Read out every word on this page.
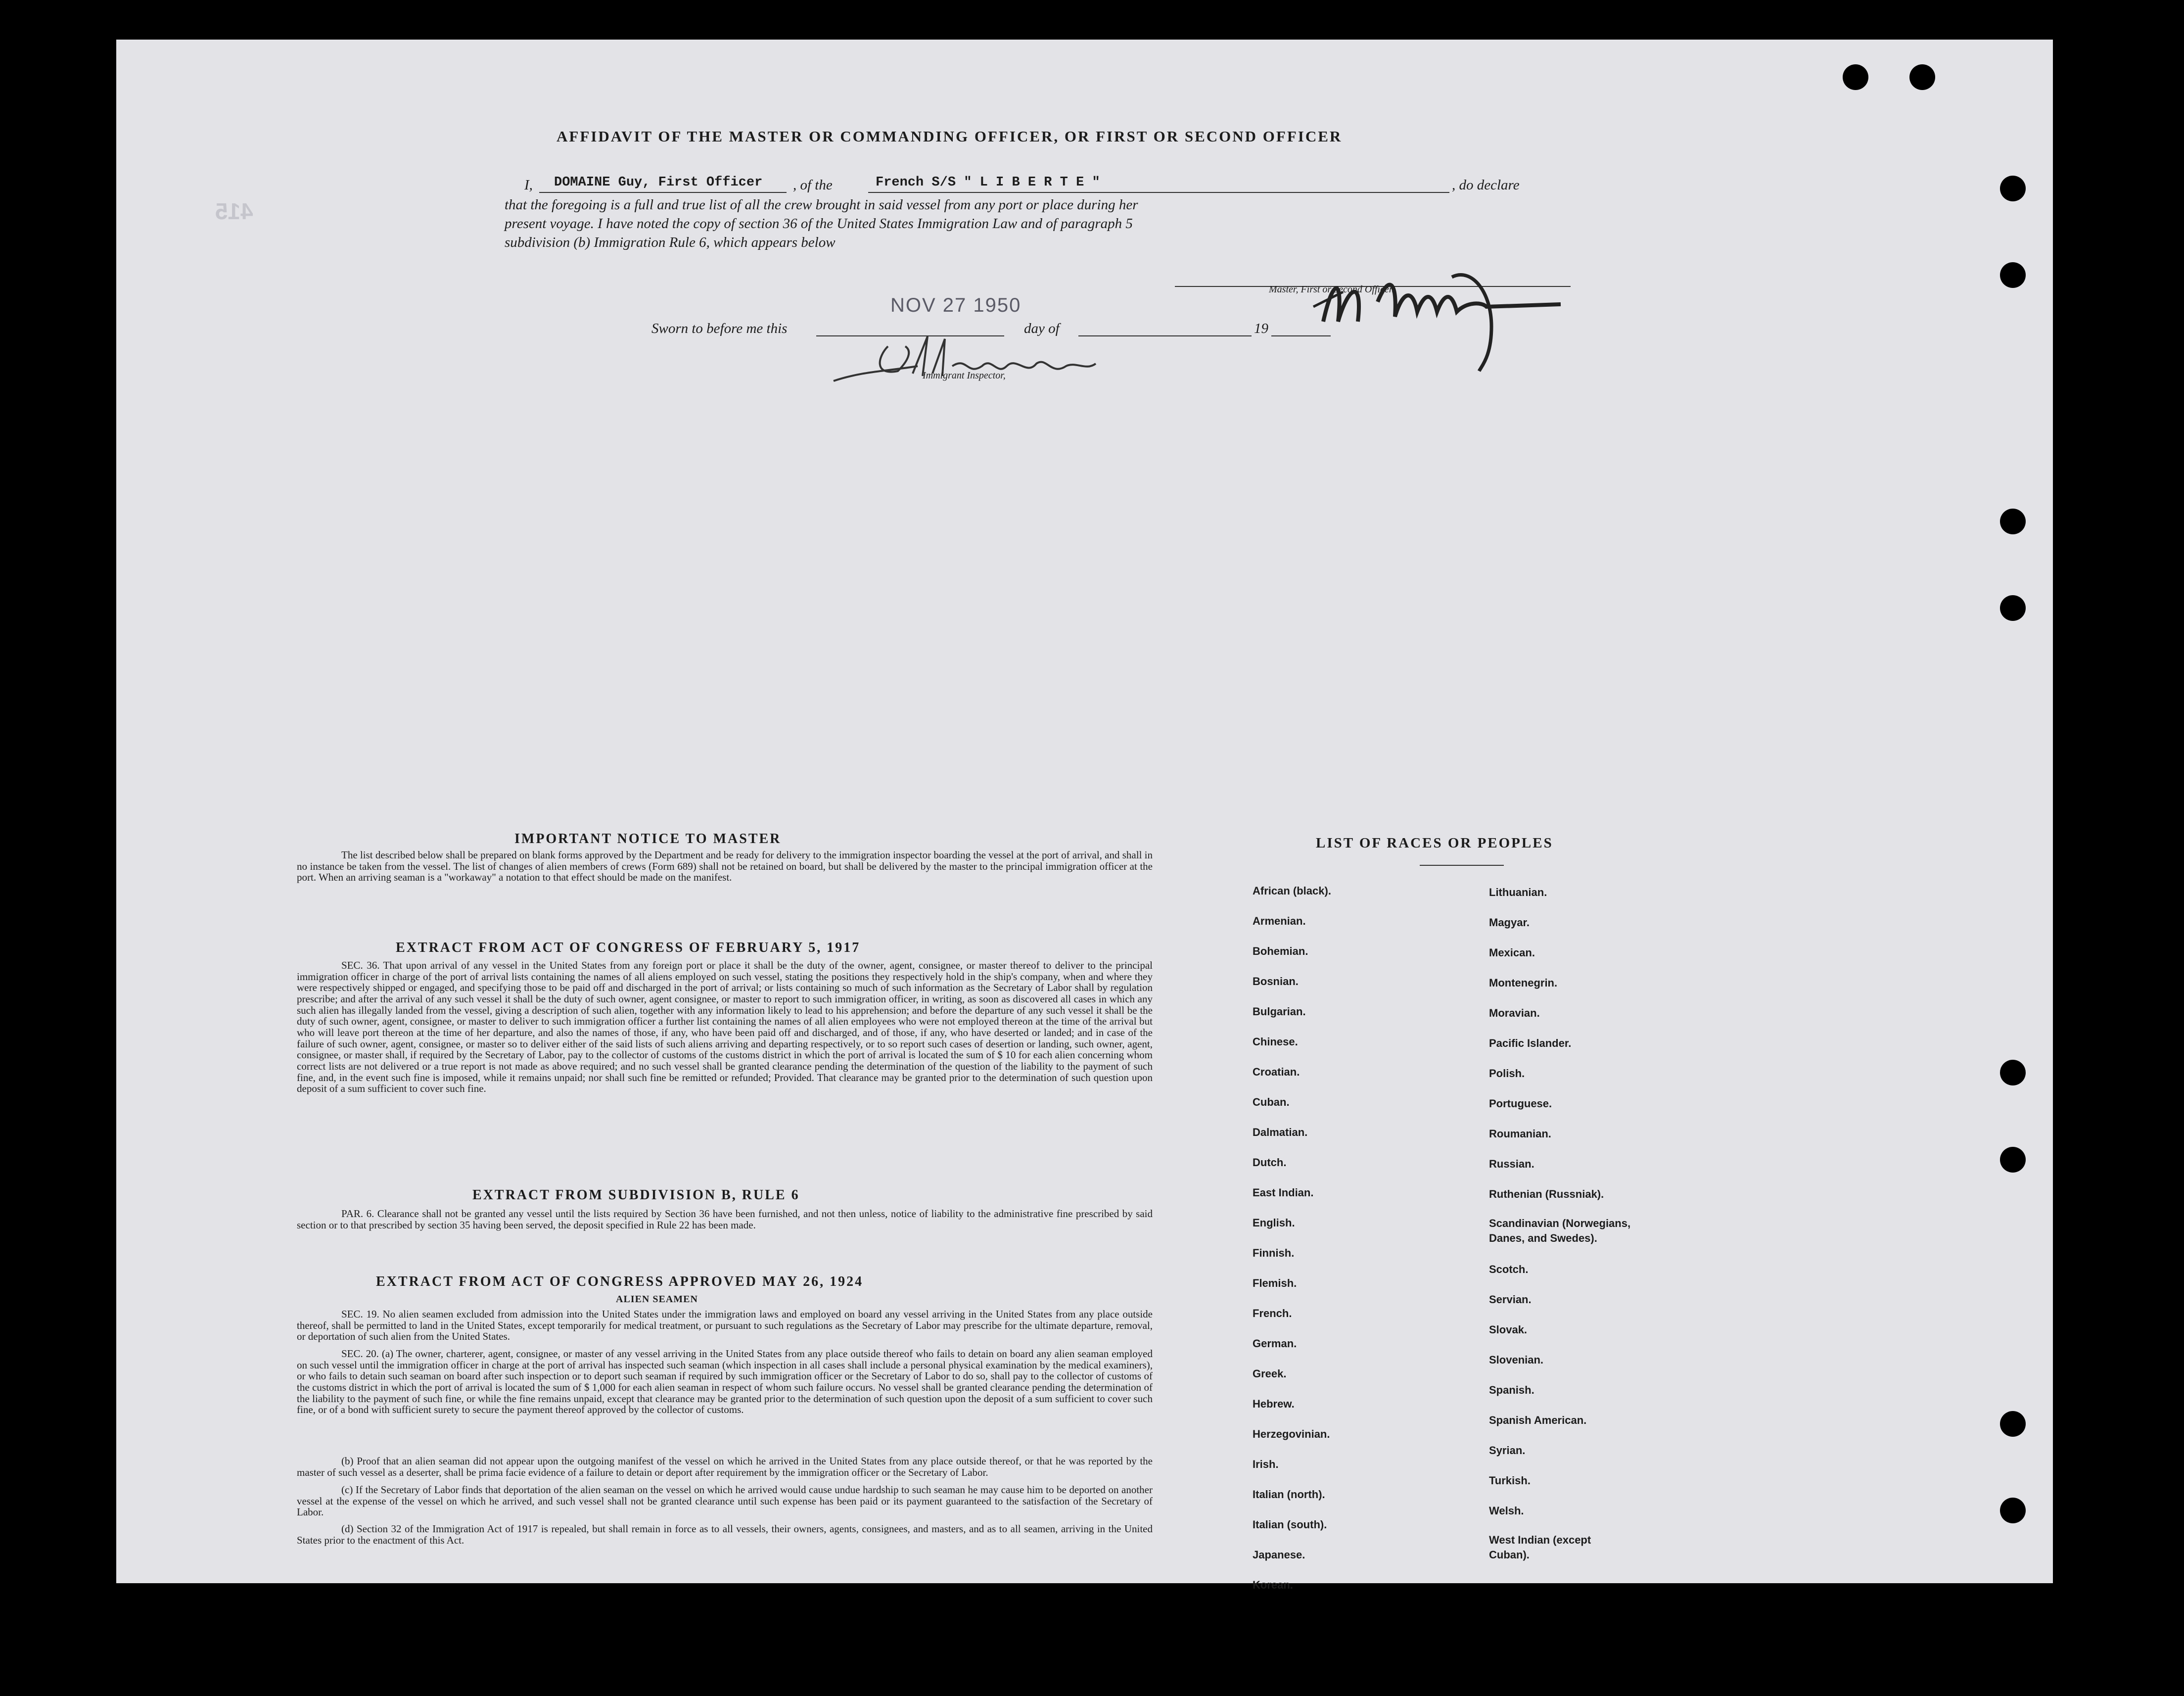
415
AFFIDAVIT OF THE MASTER OR COMMANDING OFFICER, OR FIRST OR SECOND OFFICER
I, DOMAINE Guy, First Officer , of the	French S/S " L I B E R T E "	, do declare
that the foregoing is a full and true list of all the crew brought in said vessel from any port or place during her
present voyage. I have noted the copy of section 36 of the United States Immigration Law and of paragraph 5
subdivision (b) Immigration Rule 6, which appears below
Master, First or Second Officer.
NOV 27 1950
Sworn to before me this	day of	19
Immigrant Inspector,
IMPORTANT NOTICE TO MASTER
The list described below shall be prepared on blank forms approved by the Department and be ready for delivery to the immigration inspector boarding the vessel at the port of arrival, and shall in no instance be taken from the vessel. The list of changes of alien members of crews (Form 689) shall not be retained on board, but shall be delivered by the master to the principal immigration officer at the port. When an arriving seaman is a "workaway" a notation to that effect should be made on the manifest.
EXTRACT FROM ACT OF CONGRESS OF FEBRUARY 5, 1917
SEC. 36. That upon arrival of any vessel in the United States from any foreign port or place it shall be the duty of the owner, agent, consignee, or master thereof to deliver to the principal immigration officer in charge of the port of arrival lists containing the names of all aliens employed on such vessel, stating the positions they respectively hold in the ship's company, when and where they were respectively shipped or engaged, and specifying those to be paid off and discharged in the port of arrival; or lists containing so much of such information as the Secretary of Labor shall by regulation prescribe; and after the arrival of any such vessel it shall be the duty of such owner, agent consignee, or master to report to such immigration officer, in writing, as soon as discovered all cases in which any such alien has illegally landed from the vessel, giving a description of such alien, together with any information likely to lead to his apprehension; and before the departure of any such vessel it shall be the duty of such owner, agent, consignee, or master to deliver to such immigration officer a further list containing the names of all alien employees who were not employed thereon at the time of the arrival but who will leave port thereon at the time of her departure, and also the names of those, if any, who have been paid off and discharged, and of those, if any, who have deserted or landed; and in case of the failure of such owner, agent, consignee, or master so to deliver either of the said lists of such aliens arriving and departing respectively, or to so report such cases of desertion or landing, such owner, agent, consignee, or master shall, if required by the Secretary of Labor, pay to the collector of customs of the customs district in which the port of arrival is located the sum of $ 10 for each alien concerning whom correct lists are not delivered or a true report is not made as above required; and no such vessel shall be granted clearance pending the determination of the question of the liability to the payment of such fine, and, in the event such fine is imposed, while it remains unpaid; nor shall such fine be remitted or refunded; Provided. That clearance may be granted prior to the determination of such question upon deposit of a sum sufficient to cover such fine.
EXTRACT FROM SUBDIVISION B, RULE 6
PAR. 6. Clearance shall not be granted any vessel until the lists required by Section 36 have been furnished, and not then unless, notice of liability to the administrative fine prescribed by said section or to that prescribed by section 35 having been served, the deposit specified in Rule 22 has been made.
EXTRACT FROM ACT OF CONGRESS APPROVED MAY 26, 1924
ALIEN SEAMEN
SEC. 19. No alien seamen excluded from admission into the United States under the immigration laws and employed on board any vessel arriving in the United States from any place outside thereof, shall be permitted to land in the United States, except temporarily for medical treatment, or pursuant to such regulations as the Secretary of Labor may prescribe for the ultimate departure, removal, or deportation of such alien from the United States.
SEC. 20. (a) The owner, charterer, agent, consignee, or master of any vessel arriving in the United States from any place outside thereof who fails to detain on board any alien seaman employed on such vessel until the immigration officer in charge at the port of arrival has inspected such seaman (which inspection in all cases shall include a personal physical examination by the medical examiners), or who fails to detain such seaman on board after such inspection or to deport such seaman if required by such immigration officer or the Secretary of Labor to do so, shall pay to the collector of customs of the customs district in which the port of arrival is located the sum of $ 1,000 for each alien seaman in respect of whom such failure occurs. No vessel shall be granted clearance pending the determination of the liability to the payment of such fine, or while the fine remains unpaid, except that clearance may be granted prior to the determination of such question upon the deposit of a sum sufficient to cover such fine, or of a bond with sufficient surety to secure the payment thereof approved by the collector of customs.
(b) Proof that an alien seaman did not appear upon the outgoing manifest of the vessel on which he arrived in the United States from any place outside thereof, or that he was reported by the master of such vessel as a deserter, shall be prima facie evidence of a failure to detain or deport after requirement by the immigration officer or the Secretary of Labor.
(c) If the Secretary of Labor finds that deportation of the alien seaman on the vessel on which he arrived would cause undue hardship to such seaman he may cause him to be deported on another vessel at the expense of the vessel on which he arrived, and such vessel shall not be granted clearance until such expense has been paid or its payment guaranteed to the satisfaction of the Secretary of Labor.
(d) Section 32 of the Immigration Act of 1917 is repealed, but shall remain in force as to all vessels, their owners, agents, consignees, and masters, and as to all seamen, arriving in the United States prior to the enactment of this Act.
LIST OF RACES OR PEOPLES
African (black).
Armenian.
Bohemian.
Bosnian.
Bulgarian.
Chinese.
Croatian.
Cuban.
Dalmatian.
Dutch.
East Indian.
English.
Finnish.
Flemish.
French.
German.
Greek.
Hebrew.
Herzegovinian.
Irish.
Italian (north).
Italian (south).
Japanese.
Korean.
Lithuanian.
Magyar.
Mexican.
Montenegrin.
Moravian.
Pacific Islander.
Polish.
Portuguese.
Roumanian.
Russian.
Ruthenian (Russniak).
Scandinavian (Norwegians, Danes, and Swedes).
Scotch.
Servian.
Slovak.
Slovenian.
Spanish.
Spanish American.
Syrian.
Turkish.
Welsh.
West Indian (except Cuban).
